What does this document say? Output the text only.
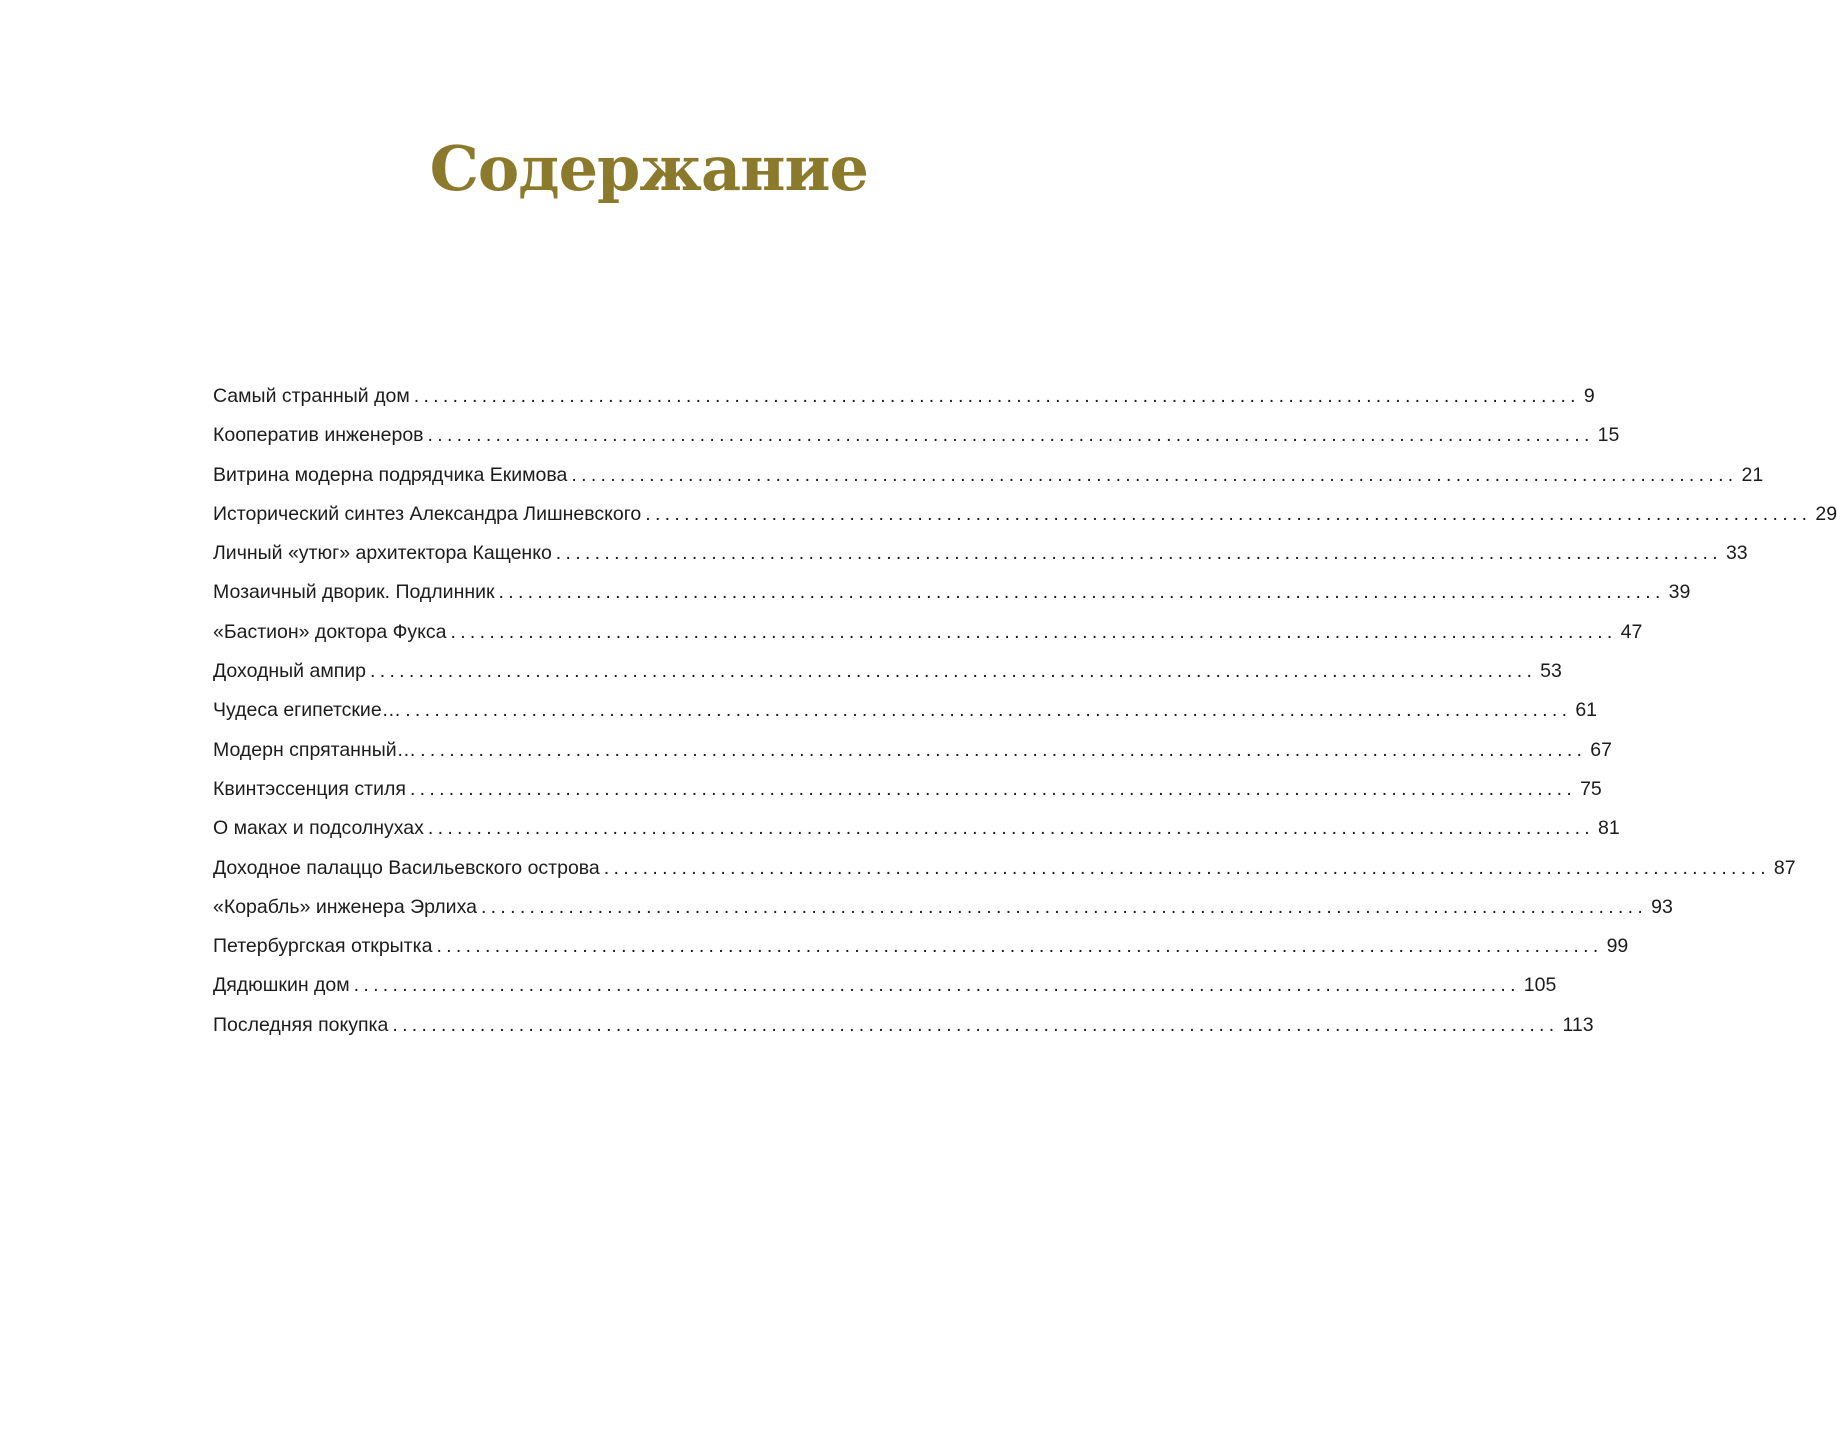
Содержание
Самый странный дом ........................................................................................................................ 9
Кооператив инженеров ........................................................................................................................ 15
Витрина модерна подрядчика Екимова ........................................................................................................................ 21
Исторический синтез Александра Лишневского ........................................................................................................................ 29
Личный «утюг» архитектора Кащенко ........................................................................................................................ 33
Мозаичный дворик. Подлинник ........................................................................................................................ 39
«Бастион» доктора Фукса ........................................................................................................................ 47
Доходный ампир ........................................................................................................................ 53
Чудеса египетские… ........................................................................................................................ 61
Модерн спрятанный… ........................................................................................................................ 67
Квинтэссенция стиля ........................................................................................................................ 75
О маках и подсолнухах ........................................................................................................................ 81
Доходное палаццо Васильевского острова ........................................................................................................................ 87
«Корабль» инженера Эрлиха ........................................................................................................................ 93
Петербургская открытка ........................................................................................................................ 99
Дядюшкин дом ........................................................................................................................ 105
Последняя покупка ........................................................................................................................ 113
